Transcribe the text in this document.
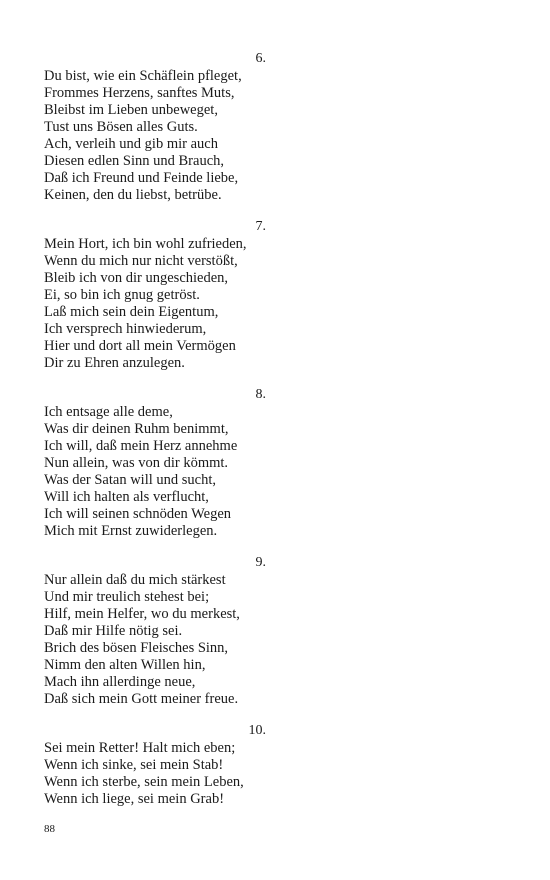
6.
Du bist, wie ein Schäflein pfleget,
Frommes Herzens, sanftes Muts,
Bleibst im Lieben unbeweget,
Tust uns Bösen alles Guts.
Ach, verleih und gib mir auch
Diesen edlen Sinn und Brauch,
Daß ich Freund und Feinde liebe,
Keinen, den du liebst, betrübe.
7.
Mein Hort, ich bin wohl zufrieden,
Wenn du mich nur nicht verstößt,
Bleib ich von dir ungeschieden,
Ei, so bin ich gnug getröst.
Laß mich sein dein Eigentum,
Ich versprech hinwiederum,
Hier und dort all mein Vermögen
Dir zu Ehren anzulegen.
8.
Ich entsage alle deme,
Was dir deinen Ruhm benimmt,
Ich will, daß mein Herz annehme
Nun allein, was von dir kömmt.
Was der Satan will und sucht,
Will ich halten als verflucht,
Ich will seinen schnöden Wegen
Mich mit Ernst zuwiderlegen.
9.
Nur allein daß du mich stärkest
Und mir treulich stehest bei;
Hilf, mein Helfer, wo du merkest,
Daß mir Hilfe nötig sei.
Brich des bösen Fleisches Sinn,
Nimm den alten Willen hin,
Mach ihn allerdinge neue,
Daß sich mein Gott meiner freue.
10.
Sei mein Retter! Halt mich eben;
Wenn ich sinke, sei mein Stab!
Wenn ich sterbe, sein mein Leben,
Wenn ich liege, sei mein Grab!
88
